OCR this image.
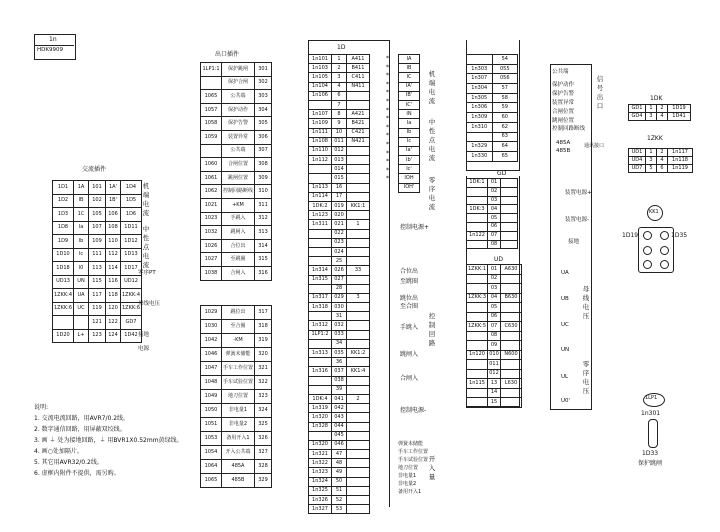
1n
HDK9909
交流插件
1D1	1A	101	1A'	1D4
1D2	IB	102	1B'	1D5
1D3	1C	105	106	1D6
1D8	Ia	107	108	1D11
1D9	Ib	109	110	1D12
1D10	Ic	111	112	1D13
1D18	I0	113	114	1D17
UD13	UN	115	116	UD12
1ZKK:4	UA	117	118	1ZKK:4
1ZKK:6	UC	119	120	1ZKK:6
		121	122	GD7
1D20	L+	123	124	1D42
机端电流
中性点电流
零序PT
母线电压
接地
电源
出口插件
1LP1:1	保护跳闸	301
	保护合闸	302
1065	公共端	303
1057	保护动作	304
1058	保护告警	305
1059	装置异常	306
	公共端	307
1060	合闸位置	308
1061	跳闸位置	309
1062	控制回路断线	310
1021	+KM	311
1023	手跳入	312
1032	跳闸入	313
1026	合位出	314
1027	至跳圈	315
1038	合闸入	316
1029	跳位出	317
1030	至合圈	318
1042	-KM	319
1046	弹簧未储能	320
1047	手车工作位置	321
1048	手车试验位置	322
1049	地刀位置	323
1050	非电量1	324
1051	非电量2	325
1053	备用开入1	326
1054	开入公共端	327
1064	485A	328
1065	485B	329
1D
1n101	1	A411
1n103	2	B411
1n105	3	C411
1n104	4	N411
1n106	6	
	7	
1n107	8	A421
1n109	9	B421
1n111	10	C421
1n108	011	N421
1n110	012	
1n112	013	
	014	
	015	
1n113	16	
1n114	17	
1DK:2	019	KK1:1
1n123	020	
1n311	021	1
	022	
	023	
	024	
	25	
1n314	026	33
1n315	027	
	28	
1n317	029	3
1n318	030	
	31	
1n312	032	
1LP1:2	033	
	34	
1n313	035	KK1:2
	36	
1n316	037	KK1:4
	038	
	39	
1DK:4	041	2
1n319	042	
1n320	043	
1n328	044	
	045	
1n320	046	
1n321	47	
1n322	48	
1n323	49	
1n324	50	
1n325	51	
1n326	52	
1n327	53	
*
*
*
*
*
*
*
*
*
*
*
*
*
*
*
机端电流
中性点电流
零序电流
控制电源+
合位出
至跳圈
跳位出
至合圈
手跳入
跳闸入
合闸入
控制回路
控制电源-
弹簧未储能
手车工作位置
手车试验位置
地刀位置
非电量1
非电量2
备用开入1
开入量
IA
IB
IC
IA'
IB'
IC'
IN
Ia
Ib
Ic
Ia'
Ib'
Ic'
IOH
IOH'
GD
1DK:1	01	
	02	
	03	
1DK:3	04	
	05	
	06	
1n122	07	
	08	
UD
1ZKK:1	01	A630
	02	
	03	
1ZKK:3	04	B630
	05	
	06	
1ZKK:5	07	C630
	08	
	09	
1n120	010	N600
	011	
	012	
1n115	13	L630
	14	
	15	
	54
1n303	055
1n307	056
1n304	57
1n305	58
1n306	59
1n309	60
1n310	62
	63
1n329	64
1n330	65
公共端
保护动作
保护告警
装置异常
合闸位置
跳闸位置
控制回路断线
485A
485B
信号出口
通讯接口
装置电源+
装置电源-
接地
UA
UB
UC
UN
UL
U0'
母线电压
零序电压
1DK
GD1	1	2	1D19
GD4	3	4	1D41
1ZKK
UD1	1	2	1n117
UD4	3	4	1n118
UD7	5	6	1n119
KK1
1D19	1D35
1LP1
1n301
1D33
保护跳闸
说明:
1. 交流电流回路，用AVR7/0.2线。
2. 数字通信回路，用屏蔽双绞线。
3. 画 ⏚ 处为接地回路，⏚ 用BVR1X0.52mm黄绿线。
4. 画○处加隔片。
5. 其它用AVR32/0.2线。
6. 虚框内附件不提供，需另购。
